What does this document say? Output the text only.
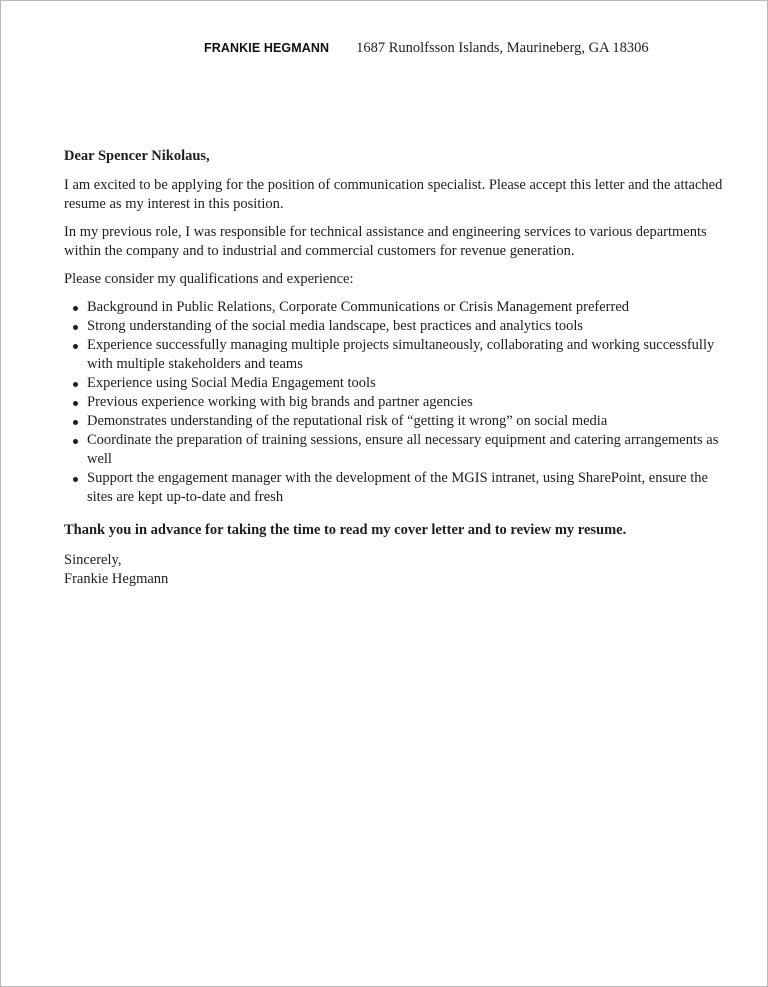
FRANKIE HEGMANN 1687 Runolfsson Islands, Maurineberg, GA 18306

Dear Spencer Nikolaus,

I am excited to be applying for the position of communication specialist. Please accept this letter and the attached resume as my interest in this position.

In my previous role, I was responsible for technical assistance and engineering services to various departments within the company and to industrial and commercial customers for revenue generation.

Please consider my qualifications and experience:

Background in Public Relations, Corporate Communications or Crisis Management preferred
Strong understanding of the social media landscape, best practices and analytics tools
Experience successfully managing multiple projects simultaneously, collaborating and working successfully with multiple stakeholders and teams
Experience using Social Media Engagement tools
Previous experience working with big brands and partner agencies
Demonstrates understanding of the reputational risk of “getting it wrong” on social media
Coordinate the preparation of training sessions, ensure all necessary equipment and catering arrangements as well
Support the engagement manager with the development of the MGIS intranet, using SharePoint, ensure the sites are kept up-to-date and fresh

Thank you in advance for taking the time to read my cover letter and to review my resume.

Sincerely,

Frankie Hegmann
